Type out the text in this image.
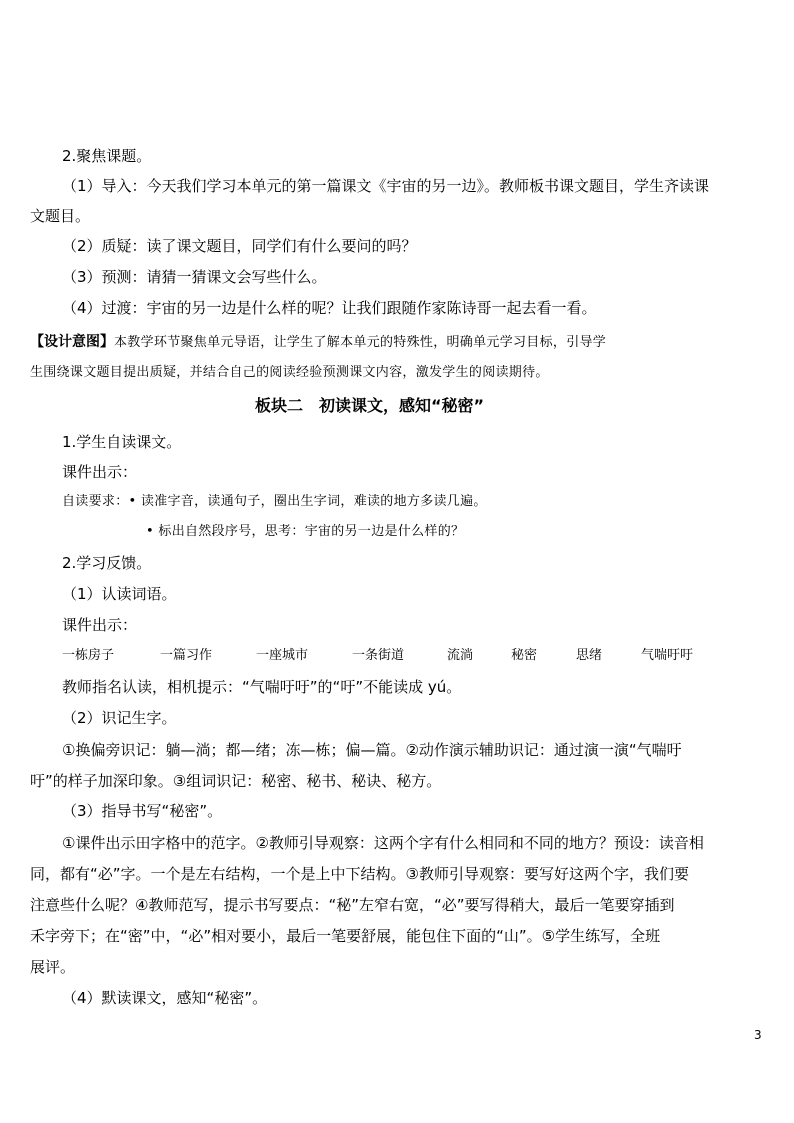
2.聚焦课题。
（1）导入：今天我们学习本单元的第一篇课文《宇宙的另一边》。教师板书课文题目，学生齐读课
文题目。
（2）质疑：读了课文题目，同学们有什么要问的吗？
（3）预测：请猜一猜课文会写些什么。
（4）过渡：宇宙的另一边是什么样的呢？让我们跟随作家陈诗哥一起去看一看。
【设计意图】本教学环节聚焦单元导语，让学生了解本单元的特殊性，明确单元学习目标，引导学
生围绕课文题目提出质疑，并结合自己的阅读经验预测课文内容，激发学生的阅读期待。
板块二　初读课文，感知“秘密”
1.学生自读课文。
课件出示：
自读要求：• 读准字音，读通句子，圈出生字词，难读的地方多读几遍。
• 标出自然段序号，思考：宇宙的另一边是什么样的？
2.学习反馈。
（1）认读词语。
课件出示：
一栋房子	一篇习作	一座城市	一条街道	流淌	秘密	思绪	气喘吁吁
教师指名认读，相机提示：“气喘吁吁”的“吁”不能读成 yú。
（2）识记生字。
①换偏旁识记：躺—淌；都—绪；冻—栋；偏—篇。②动作演示辅助识记：通过演一演“气喘吁
吁”的样子加深印象。③组词识记：秘密、秘书、秘诀、秘方。
（3）指导书写“秘密”。
①课件出示田字格中的范字。②教师引导观察：这两个字有什么相同和不同的地方？预设：读音相
同，都有“必”字。一个是左右结构，一个是上中下结构。③教师引导观察：要写好这两个字，我们要
注意些什么呢？④教师范写，提示书写要点：“秘”左窄右宽，“必”要写得稍大，最后一笔要穿插到
禾字旁下；在“密”中，“必”相对要小，最后一笔要舒展，能包住下面的“山”。⑤学生练写，全班
展评。
（4）默读课文，感知“秘密”。
3
